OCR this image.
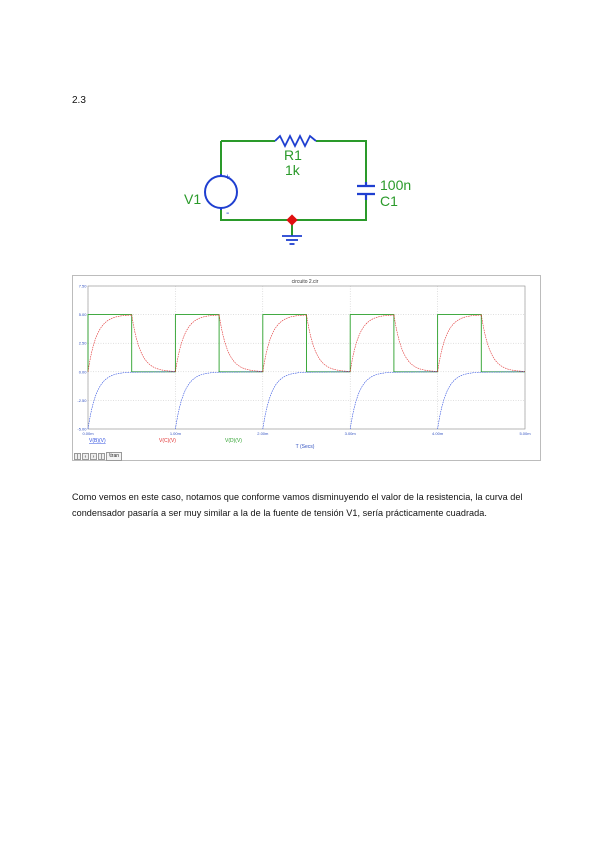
2.3
R1
1k
100n
C1
V1
+
-
0.00m	1.00m	2.00m	3.00m	4.00m	5.00m
7.50
5.00
2.50
0.00
-2.50
-5.00
circuito 2.cir
T (Secs)
V(B)(V)	V(C)(V)	V(D)(V)
|	‹	›	|	\tran

Como vemos en este caso, notamos que conforme vamos disminuyendo el valor de la resistencia, la curva del condensador pasaría a ser muy similar a la de la fuente de tensión V1, sería prácticamente cuadrada.
